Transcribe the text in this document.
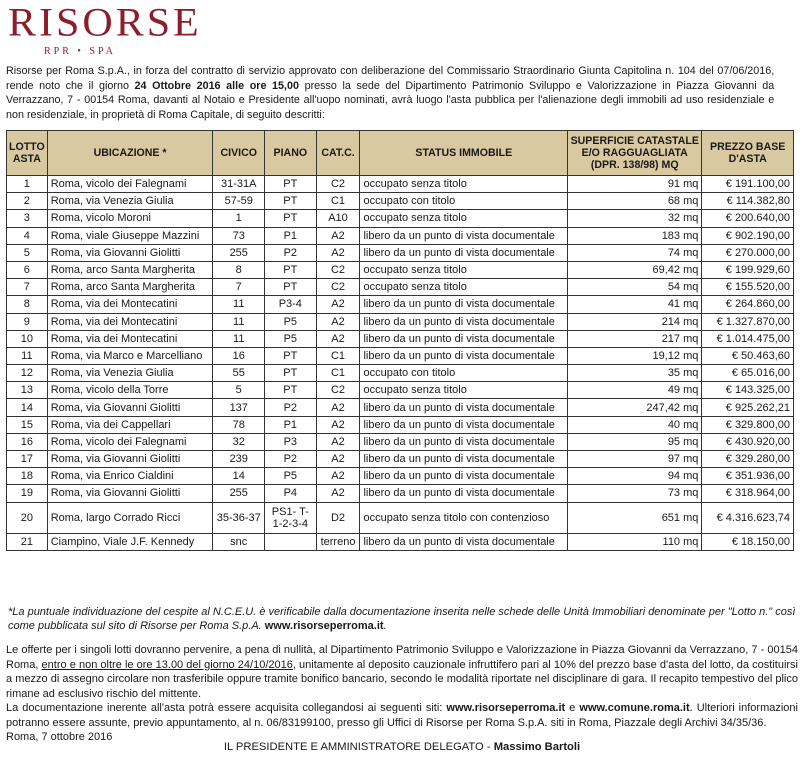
RISORSE
RPR • SPA
Risorse per Roma S.p.A., in forza del contratto di servizio approvato con deliberazione del Commissario Straordinario Giunta Capitolina n. 104 del 07/06/2016, rende noto che il giorno 24 Ottobre 2016 alle ore 15,00 presso la sede del Dipartimento Patrimonio Sviluppo e Valorizzazione in Piazza Giovanni da Verrazzano, 7 - 00154 Roma, davanti al Notaio e Presidente all'uopo nominati, avrà luogo l'asta pubblica per l'alienazione degli immobili ad uso residenziale e non residenziale, in proprietà di Roma Capitale, di seguito descritti:
LOTTO ASTA	UBICAZIONE *	CIVICO	PIANO	CAT.C.	STATUS IMMOBILE	SUPERFICIE CATASTALE E/O RAGGUAGLIATA (DPR. 138/98) MQ	PREZZO BASE D'ASTA
1	Roma, vicolo dei Falegnami	31-31A	PT	C2	occupato senza titolo	91 mq	€ 191.100,00
2	Roma, via Venezia Giulia	57-59	PT	C1	occupato con titolo	68 mq	€ 114.382,80
3	Roma, vicolo Moroni	1	PT	A10	occupato senza titolo	32 mq	€ 200.640,00
4	Roma, viale Giuseppe Mazzini	73	P1	A2	libero da un punto di vista documentale	183 mq	€ 902.190,00
5	Roma, via Giovanni Giolitti	255	P2	A2	libero da un punto di vista documentale	74 mq	€ 270.000,00
6	Roma, arco Santa Margherita	8	PT	C2	occupato senza titolo	69,42 mq	€ 199.929,60
7	Roma, arco Santa Margherita	7	PT	C2	occupato senza titolo	54 mq	€ 155.520,00
8	Roma, via dei Montecatini	11	P3-4	A2	libero da un punto di vista documentale	41 mq	€ 264.860,00
9	Roma, via dei Montecatini	11	P5	A2	libero da un punto di vista documentale	214 mq	€ 1.327.870,00
10	Roma, via dei Montecatini	11	P5	A2	libero da un punto di vista documentale	217 mq	€ 1.014.475,00
11	Roma, via Marco e Marcelliano	16	PT	C1	libero da un punto di vista documentale	19,12 mq	€ 50.463,60
12	Roma, via Venezia Giulia	55	PT	C1	occupato con titolo	35 mq	€ 65.016,00
13	Roma, vicolo della Torre	5	PT	C2	occupato senza titolo	49 mq	€ 143.325,00
14	Roma, via Giovanni Giolitti	137	P2	A2	libero da un punto di vista documentale	247,42 mq	€ 925.262,21
15	Roma, via dei Cappellari	78	P1	A2	libero da un punto di vista documentale	40 mq	€ 329.800,00
16	Roma, vicolo dei Falegnami	32	P3	A2	libero da un punto di vista documentale	95 mq	€ 430.920,00
17	Roma, via Giovanni Giolitti	239	P2	A2	libero da un punto di vista documentale	97 mq	€ 329.280,00
18	Roma, via Enrico Cialdini	14	P5	A2	libero da un punto di vista documentale	94 mq	€ 351.936,00
19	Roma, via Giovanni Giolitti	255	P4	A2	libero da un punto di vista documentale	73 mq	€ 318.964,00
20	Roma, largo Corrado Ricci	35-36-37	PS1- T- 1-2-3-4	D2	occupato senza titolo con contenzioso	651 mq	€ 4.316.623,74
21	Ciampino, Viale J.F. Kennedy	snc		terreno	libero da un punto di vista documentale	110 mq	€ 18.150,00
*La puntuale individuazione del cespite al N.C.E.U. è verificabile dalla documentazione inserita nelle schede delle Unità Immobiliari denominate per "Lotto n." così come pubblicata sul sito di Risorse per Roma S.p.A. www.risorseperroma.it.

Le offerte per i singoli lotti dovranno pervenire, a pena di nullità, al Dipartimento Patrimonio Sviluppo e Valorizzazione in Piazza Giovanni da Verrazzano, 7 - 00154 Roma, entro e non oltre le ore 13.00 del giorno 24/10/2016, unitamente al deposito cauzionale infruttifero pari al 10% del prezzo base d'asta del lotto, da costituirsi a mezzo di assegno circolare non trasferibile oppure tramite bonifico bancario, secondo le modalità riportate nel disciplinare di gara. Il recapito tempestivo del plico rimane ad esclusivo rischio del mittente.

La documentazione inerente all'asta potrà essere acquisita collegandosi ai seguenti siti: www.risorseperroma.it e www.comune.roma.it. Ulteriori informazioni potranno essere assunte, previo appuntamento, al n. 06/83199100, presso gli Uffici di Risorse per Roma S.p.A. siti in Roma, Piazzale degli Archivi 34/35/36.

Roma, 7 ottobre 2016

IL PRESIDENTE E AMMINISTRATORE DELEGATO - Massimo Bartoli
